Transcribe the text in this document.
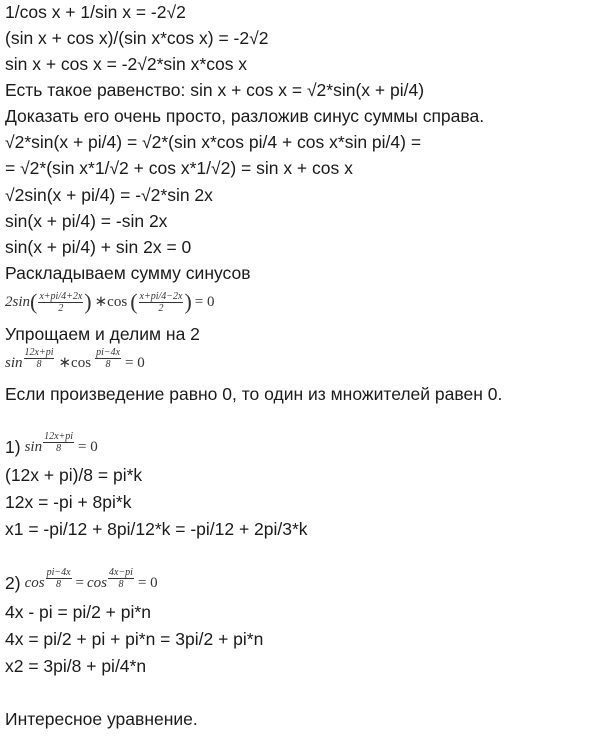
1/cos x + 1/sin x = -2√2
(sin x + cos x)/(sin x*cos x) = -2√2
sin x + cos x = -2√2*sin x*cos x
Есть такое равенство: sin x + cos x = √2*sin(x + pi/4)
Доказать его очень просто, разложив синус суммы справа.
√2*sin(x + pi/4) = √2*(sin x*cos pi/4 + cos x*sin pi/4) =
= √2*(sin x*1/√2 + cos x*1/√2) = sin x + cos x
√2sin(x + pi/4) = -√2*sin 2x
sin(x + pi/4) = -sin 2x
sin(x + pi/4) + sin 2x = 0
Раскладываем сумму синусов
2sin ( $\frac{x+pi/4+2x}{2}$ ) ∗cos ( $\frac{x+pi/4-2x}{2}$ ) = 0
Упрощаем и делим на 2
$\sin \frac{12x+pi}{8}$ ∗cos $\frac{pi-4x}{8} = 0$
Если произведение равно 0, то один из множителей равен 0.
1) $\sin \frac{12x+pi}{8} = 0$
(12x + pi)/8 = pi*k
12x = -pi + 8pi*k
x1 = -pi/12 + 8pi/12*k = -pi/12 + 2pi/3*k
2) $\cos \frac{pi-4x}{8} = \cos \frac{4x-pi}{8} = 0$
4x - pi = pi/2 + pi*n
4x = pi/2 + pi + pi*n = 3pi/2 + pi*n
x2 = 3pi/8 + pi/4*n
Интересное уравнение.
